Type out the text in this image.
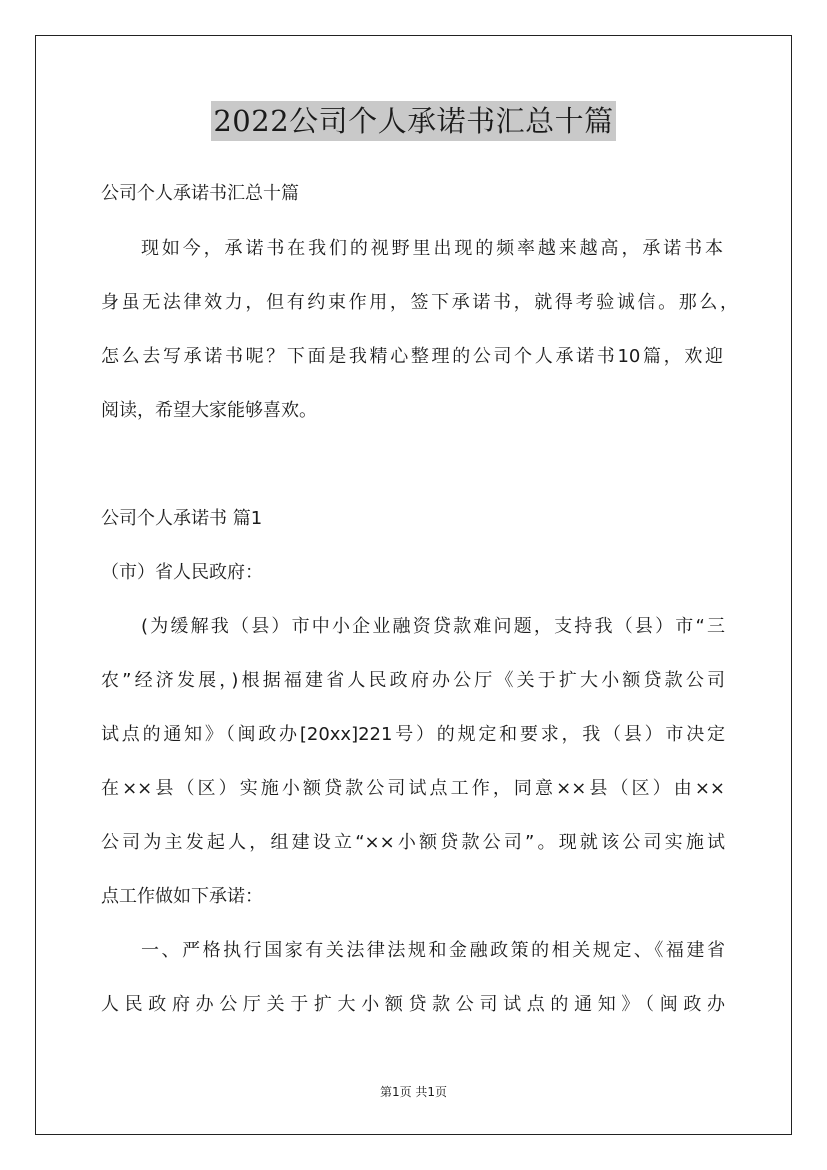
2022公司个人承诺书汇总十篇
公司个人承诺书汇总十篇
现如今，承诺书在我们的视野里出现的频率越来越高，承诺书本
身虽无法律效力，但有约束作用，签下承诺书，就得考验诚信。那么，
怎么去写承诺书呢？下面是我精心整理的公司个人承诺书10篇，欢迎
阅读，希望大家能够喜欢。
公司个人承诺书 篇1
（市）省人民政府：
(为缓解我（县）市中小企业融资贷款难问题，支持我（县）市“三
农”经济发展，)根据福建省人民政府办公厅《关于扩大小额贷款公司
试点的通知》（闽政办[20xx]221号）的规定和要求，我（县）市决定
在××县（区）实施小额贷款公司试点工作，同意××县（区）由××
公司为主发起人，组建设立“××小额贷款公司”。现就该公司实施试
点工作做如下承诺：
一、严格执行国家有关法律法规和金融政策的相关规定、《福建省
人民政府办公厅关于扩大小额贷款公司试点的通知》（闽政办
第1页 共1页
